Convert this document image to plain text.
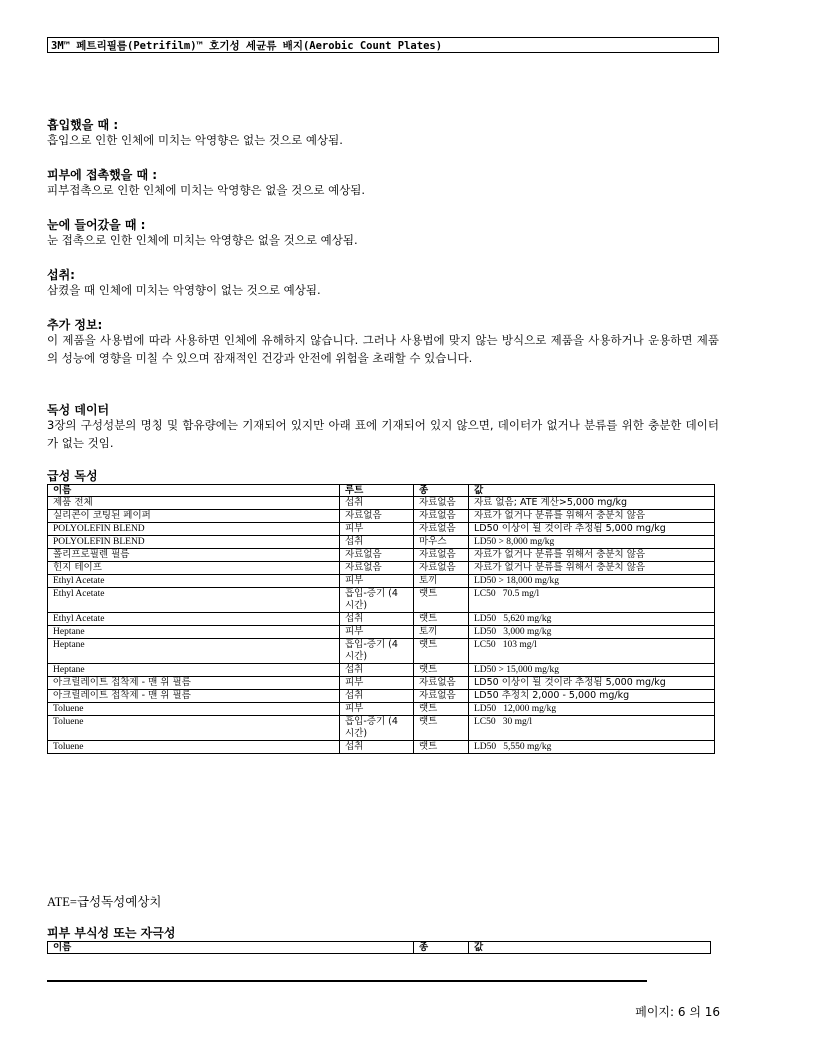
3M™ 페트리필름(Petrifilm)™ 호기성 세균류 배지(Aerobic Count Plates)
흡입했을 때 :
흡입으로 인한 인체에 미치는 악영향은 없는 것으로 예상됨.
피부에 접촉했을 때 :
피부접촉으로 인한 인체에 미치는 악영향은 없을 것으로 예상됨.
눈에 들어갔을 때 :
눈 접촉으로 인한 인체에 미치는 악영향은 없을 것으로 예상됨.
섭취:
삼켰을 때 인체에 미치는 악영향이 없는 것으로 예상됨.
추가 정보:
이 제품을 사용법에 따라 사용하면 인체에 유해하지 않습니다. 그러나 사용법에 맞지 않는 방식으로 제품을 사용하거나 운용하면 제품의 성능에 영향을 미칠 수 있으며 잠재적인 건강과 안전에 위험을 초래할 수 있습니다.
독성 데이터
3장의 구성성분의 명칭 및 함유량에는 기재되어 있지만 아래 표에 기재되어 있지 않으면, 데이터가 없거나 분류를 위한 충분한 데이터가 없는 것임.
급성 독성
이름	루트	종	값
제품 전체	섭취	자료없음	자료 없음; ATE 계산>5,000 mg/kg
실리콘이 코팅된 페이퍼	자료없음	자료없음	자료가 없거나 분류를 위해서 충분치 않음
POLYOLEFIN BLEND	피부	자료없음	LD50 이상이 될 것이라 추정됨 5,000 mg/kg
POLYOLEFIN BLEND	섭취	마우스	LD50 > 8,000 mg/kg
폴리프로필렌 필름	자료없음	자료없음	자료가 없거나 분류를 위해서 충분치 않음
힌지 테이프	자료없음	자료없음	자료가 없거나 분류를 위해서 충분치 않음
Ethyl Acetate	피부	토끼	LD50 > 18,000 mg/kg
Ethyl Acetate	흡입-증기 (4 시간)	랫트	LC50   70.5 mg/l
Ethyl Acetate	섭취	랫트	LD50   5,620 mg/kg
Heptane	피부	토끼	LD50   3,000 mg/kg
Heptane	흡입-증기 (4 시간)	랫트	LC50   103 mg/l
Heptane	섭취	랫트	LD50 > 15,000 mg/kg
아크릴레이트 접착제 - 맨 위 필름	피부	자료없음	LD50 이상이 될 것이라 추정됨 5,000 mg/kg
아크릴레이트 접착제 - 맨 위 필름	섭취	자료없음	LD50 추정치 2,000 - 5,000 mg/kg
Toluene	피부	랫트	LD50   12,000 mg/kg
Toluene	흡입-증기 (4 시간)	랫트	LC50   30 mg/l
Toluene	섭취	랫트	LD50   5,550 mg/kg
ATE=급성독성예상치
피부 부식성 또는 자극성
이름	종	값
페이지: 6 의 16
